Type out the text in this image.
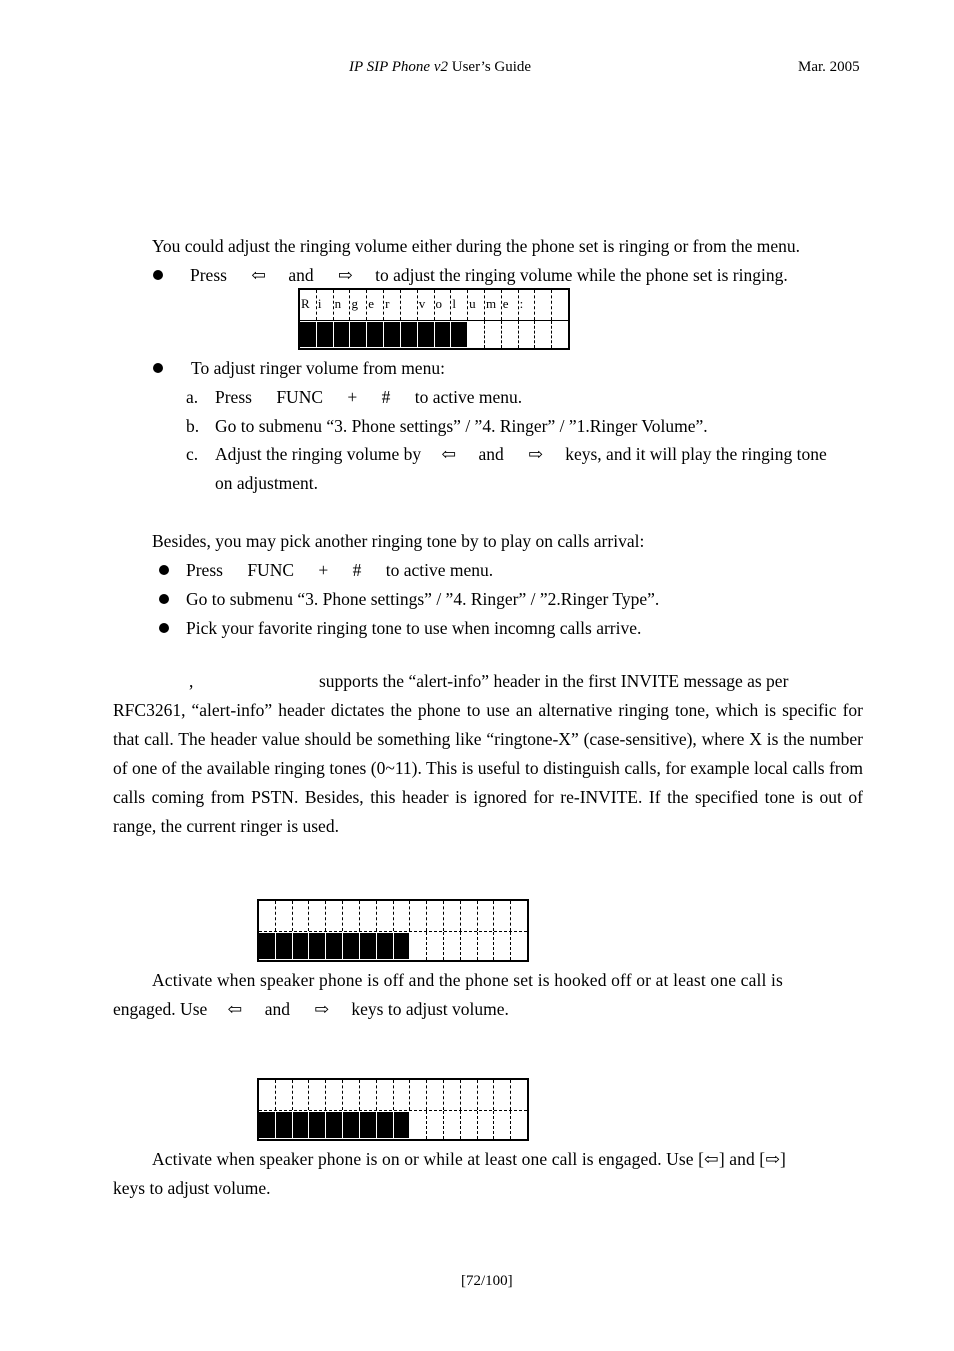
IP SIP Phone v2 User’s Guide	Mar. 2005
You could adjust the ringing volume either during the phone set is ringing or from the menu.
Press ⇦ and ⇨ to adjust the ringing volume while the phone set is ringing.
R i n g e r v o l u m e :
To adjust ringer volume from menu:
a. Press FUNC + # to active menu.
b. Go to submenu “3. Phone settings” / ”4. Ringer” / ”1.Ringer Volume”.
c. Adjust the ringing volume by ⇦ and ⇨ keys, and it will play the ringing tone
on adjustment.
Besides, you may pick another ringing tone by to play on calls arrival:
Press FUNC + # to active menu.
Go to submenu “3. Phone settings” / ”4. Ringer” / ”2.Ringer Type”.
Pick your favorite ringing tone to use when incomng calls arrive.
,	supports the “alert-info” header in the first INVITE message as per
RFC3261, “alert-info” header dictates the phone to use an alternative ringing tone, which is specific for that call. The header value should be something like “ringtone-X” (case-sensitive), where X is the number of one of the available ringing tones (0~11). This is useful to distinguish calls, for example local calls from calls coming from PSTN. Besides, this header is ignored for re-INVITE. If the specified tone is out of range, the current ringer is used.
Activate when speaker phone is off and the phone set is hooked off or at least one call is
engaged. Use ⇦ and ⇨ keys to adjust volume.
Activate when speaker phone is on or while at least one call is engaged. Use [⇦] and [⇨]
keys to adjust volume.
[72/100]
